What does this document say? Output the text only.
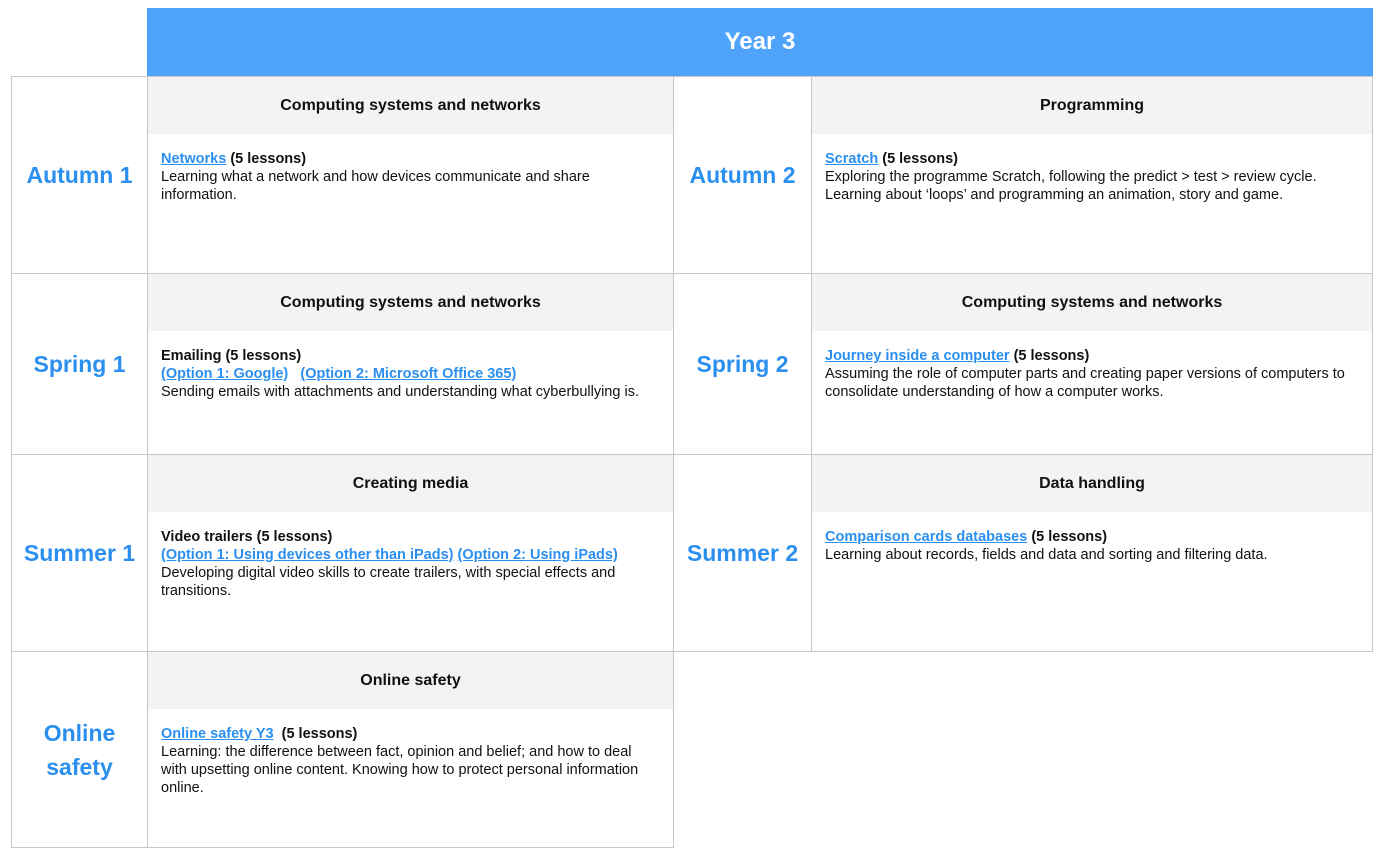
Year 3
Autumn 1
Computing systems and networks

Networks (5 lessons)

Learning what a network and how devices communicate and share information.

Autumn 2
Programming

Scratch (5 lessons)

Exploring the programme Scratch, following the predict > test > review cycle. Learning about ‘loops’ and programming an animation, story and game.

Spring 1
Computing systems and networks

Emailing (5 lessons)

(Option 1: Google) (Option 2: Microsoft Office 365)

Sending emails with attachments and understanding what cyberbullying is.

Spring 2
Computing systems and networks

Journey inside a computer (5 lessons)

Assuming the role of computer parts and creating paper versions of computers to consolidate understanding of how a computer works.

Summer 1
Creating media

Video trailers (5 lessons)

(Option 1: Using devices other than iPads) (Option 2: Using iPads)

Developing digital video skills to create trailers, with special effects and transitions.

Summer 2
Data handling

Comparison cards databases (5 lessons)

Learning about records, fields and data and sorting and filtering data.

Online
safety
Online safety

Online safety Y3 (5 lessons)

Learning: the difference between fact, opinion and belief; and how to deal with upsetting online content. Knowing how to protect personal information online.
